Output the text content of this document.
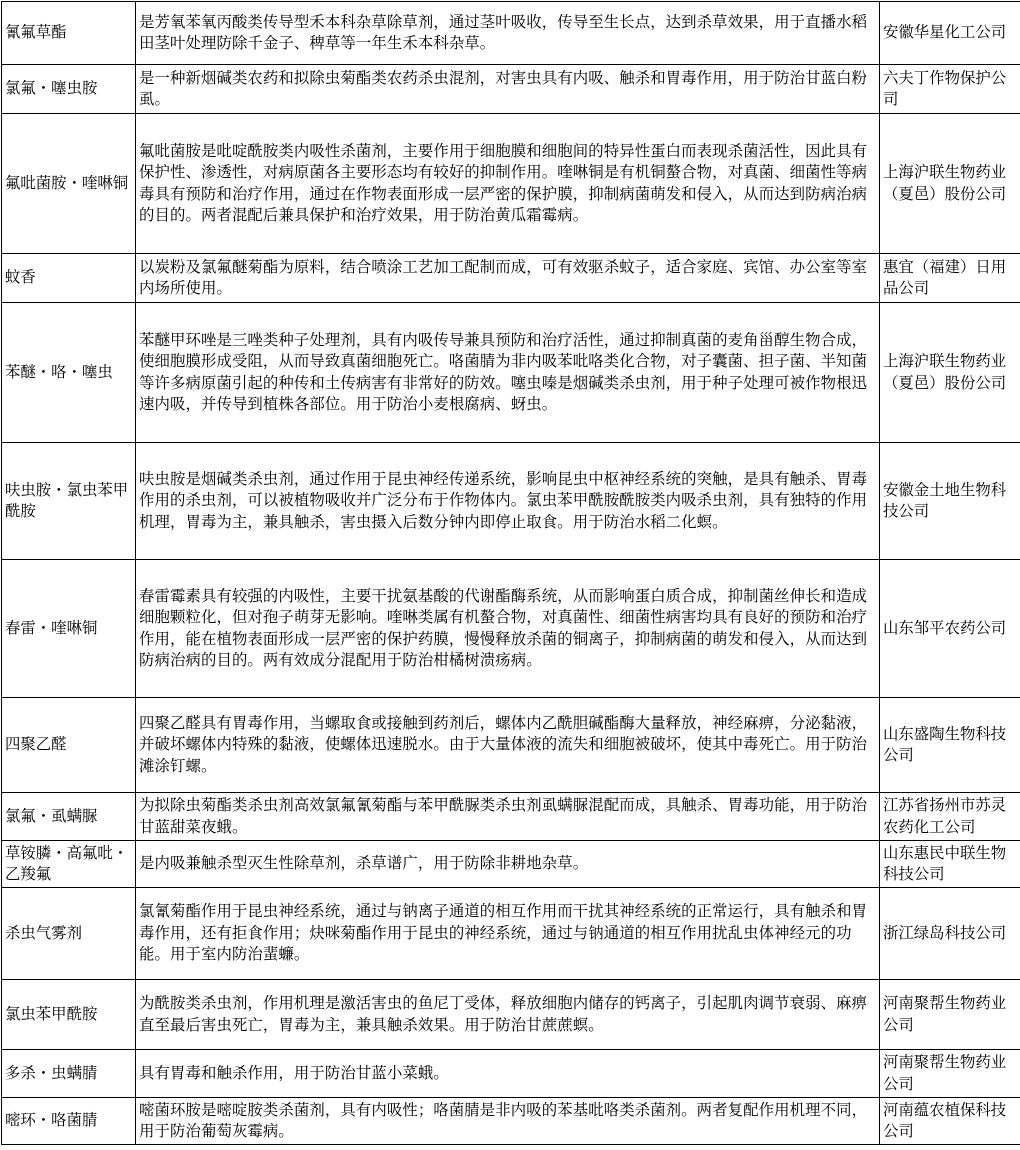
氰氟草酯	是芳氧苯氧丙酸类传导型禾本科杂草除草剂，通过茎叶吸收，传导至生长点，达到杀草效果，用于直播水稻田茎叶处理防除千金子、稗草等一年生禾本科杂草。	安徽华星化工公司
氯氟・噻虫胺	是一种新烟碱类农药和拟除虫菊酯类农药杀虫混剂，对害虫具有内吸、触杀和胃毒作用，用于防治甘蓝白粉虱。	六夫丁作物保护公司
氟吡菌胺・喹啉铜	氟吡菌胺是吡啶酰胺类内吸性杀菌剂，主要作用于细胞膜和细胞间的特异性蛋白而表现杀菌活性，因此具有保护性、渗透性，对病原菌各主要形态均有较好的抑制作用。喹啉铜是有机铜螯合物，对真菌、细菌性等病毒具有预防和治疗作用，通过在作物表面形成一层严密的保护膜，抑制病菌萌发和侵入，从而达到防病治病的目的。两者混配后兼具保护和治疗效果，用于防治黄瓜霜霉病。	上海沪联生物药业（夏邑）股份公司
蚊香	以炭粉及氯氟醚菊酯为原料，结合喷涂工艺加工配制而成，可有效驱杀蚊子，适合家庭、宾馆、办公室等室内场所使用。	惠宜（福建）日用品公司
苯醚・咯・噻虫	苯醚甲环唑是三唑类种子处理剂，具有内吸传导兼具预防和治疗活性，通过抑制真菌的麦角甾醇生物合成，使细胞膜形成受阻，从而导致真菌细胞死亡。咯菌腈为非内吸苯吡咯类化合物，对子囊菌、担子菌、半知菌等许多病原菌引起的种传和土传病害有非常好的防效。噻虫嗪是烟碱类杀虫剂，用于种子处理可被作物根迅速内吸，并传导到植株各部位。用于防治小麦根腐病、蚜虫。	上海沪联生物药业（夏邑）股份公司
呋虫胺・氯虫苯甲酰胺	呋虫胺是烟碱类杀虫剂，通过作用于昆虫神经传递系统，影响昆虫中枢神经系统的突触，是具有触杀、胃毒作用的杀虫剂，可以被植物吸收并广泛分布于作物体内。氯虫苯甲酰胺酰胺类内吸杀虫剂，具有独特的作用机理，胃毒为主，兼具触杀，害虫摄入后数分钟内即停止取食。用于防治水稻二化螟。	安徽金土地生物科技公司
春雷・喹啉铜	春雷霉素具有较强的内吸性，主要干扰氨基酸的代谢酯酶系统，从而影响蛋白质合成，抑制菌丝伸长和造成细胞颗粒化，但对孢子萌芽无影响。喹啉类属有机螯合物，对真菌性、细菌性病害均具有良好的预防和治疗作用，能在植物表面形成一层严密的保护药膜，慢慢释放杀菌的铜离子，抑制病菌的萌发和侵入，从而达到防病治病的目的。两有效成分混配用于防治柑橘树溃疡病。	山东邹平农药公司
四聚乙醛	四聚乙醛具有胃毒作用，当螺取食或接触到药剂后，螺体内乙酰胆碱酯酶大量释放，神经麻痹，分泌黏液，并破坏螺体内特殊的黏液，使螺体迅速脱水。由于大量体液的流失和细胞被破坏，使其中毒死亡。用于防治滩涂钉螺。	山东盛陶生物科技公司
氯氟・虱螨脲	为拟除虫菊酯类杀虫剂高效氯氟氰菊酯与苯甲酰脲类杀虫剂虱螨脲混配而成，具触杀、胃毒功能，用于防治甘蓝甜菜夜蛾。	江苏省扬州市苏灵农药化工公司
草铵膦・高氟吡・乙羧氟	是内吸兼触杀型灭生性除草剂，杀草谱广，用于防除非耕地杂草。	山东惠民中联生物科技公司
杀虫气雾剂	氯氰菊酯作用于昆虫神经系统，通过与钠离子通道的相互作用而干扰其神经系统的正常运行，具有触杀和胃毒作用，还有拒食作用；炔咪菊酯作用于昆虫的神经系统，通过与钠通道的相互作用扰乱虫体神经元的功能。用于室内防治蜚蠊。	浙江绿岛科技公司
氯虫苯甲酰胺	为酰胺类杀虫剂，作用机理是激活害虫的鱼尼丁受体，释放细胞内储存的钙离子，引起肌肉调节衰弱、麻痹直至最后害虫死亡，胃毒为主，兼具触杀效果。用于防治甘蔗蔗螟。	河南聚帮生物药业公司
多杀・虫螨腈	具有胃毒和触杀作用，用于防治甘蓝小菜蛾。	河南聚帮生物药业公司
嘧环・咯菌腈	嘧菌环胺是嘧啶胺类杀菌剂，具有内吸性；咯菌腈是非内吸的苯基吡咯类杀菌剂。两者复配作用机理不同，用于防治葡萄灰霉病。	河南蕴农植保科技公司
